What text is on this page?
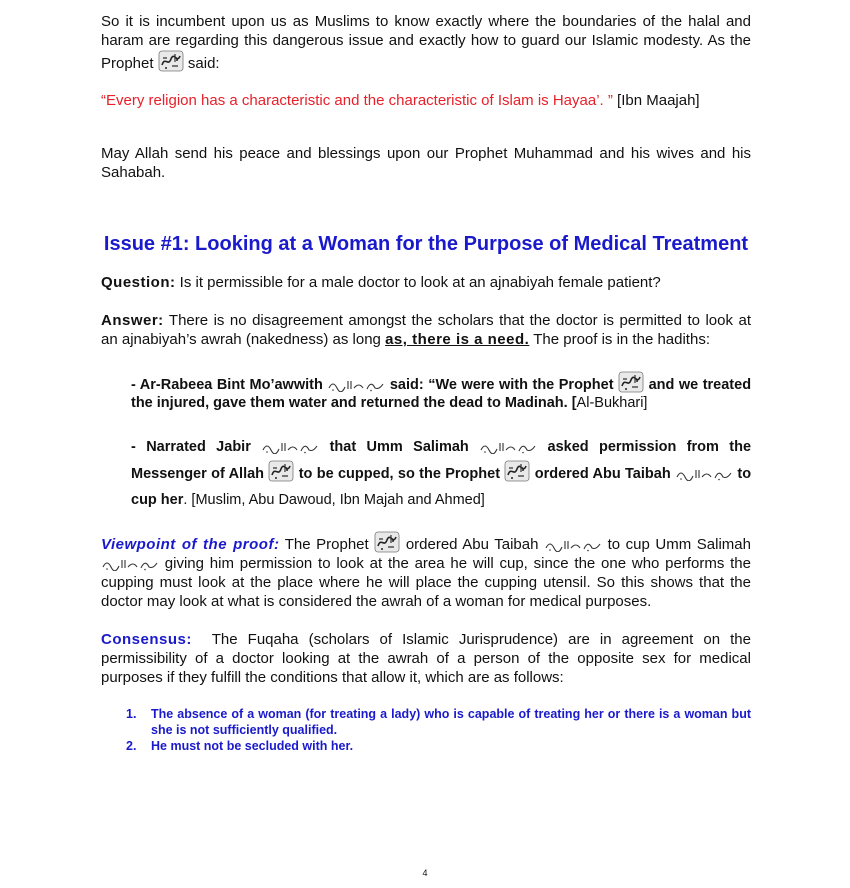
So it is incumbent upon us as Muslims to know exactly where the boundaries of the halal and haram are regarding this dangerous issue and exactly how to guard our Islamic modesty. As the Prophet said:

“Every religion has a characteristic and the characteristic of Islam is Hayaa’. ” [Ibn Maajah]

May Allah send his peace and blessings upon our Prophet Muhammad and his wives and his Sahabah.

Issue #1: Looking at a Woman for the Purpose of Medical Treatment

Question: Is it permissible for a male doctor to look at an ajnabiyah female patient?

Answer: There is no disagreement amongst the scholars that the doctor is permitted to look at an ajnabiyah’s awrah (nakedness) as long as, there is a need. The proof is in the hadiths:

- Ar-Rabeea Bint Mo’awwith	said: “We were with the Prophet and we treated the injured, gave them water and returned the dead to Madinah. [Al-Bukhari]

- Narrated Jabir	that Umm Salimah	asked permission from the Messenger of Allah to be cupped, so the Prophet ordered Abu Taibah	to cup her. [Muslim, Abu Dawoud, Ibn Majah and Ahmed]

Viewpoint of the proof: The Prophet ordered Abu Taibah	to cup Umm Salimah
giving him permission to look at the area he will cup, since the one who performs the cupping must look at the place where he will place the cupping utensil. So this shows that the doctor may look at what is considered the awrah of a woman for medical purposes.

Consensus: The Fuqaha (scholars of Islamic Jurisprudence) are in agreement on the permissibility of a doctor looking at the awrah of a person of the opposite sex for medical purposes if they fulfill the conditions that allow it, which are as follows:

1. The absence of a woman (for treating a lady) who is capable of treating her or there is a woman but she is not sufficiently qualified.
2. He must not be secluded with her.
4
